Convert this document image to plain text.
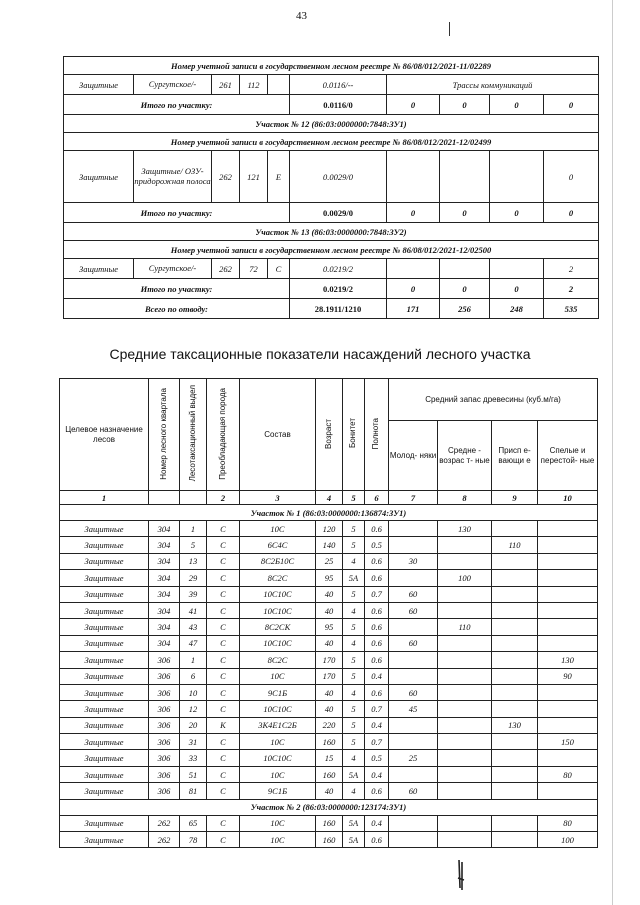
43
Номер учетной записи в государственном лесном реестре № 86/08/012/2021-11/02289									
Защитные	Сургутское/-	261	112		0.0116/--	Трассы коммуникаций			
Итого по участку:					0.0116/0	0	0	0	0
Участок № 12 (86:03:0000000:7848:ЗУ1)									
Номер учетной записи в государственном лесном реестре № 86/08/012/2021-12/02499									
Защитные	Защитные/ ОЗУ- придорожная полоса	262	121	Е	0.0029/0				0
Итого по участку:					0.0029/0	0	0	0	0
Участок № 13 (86:03:0000000:7848:ЗУ2)									
Номер учетной записи в государственном лесном реестре № 86/08/012/2021-12/02500									
Защитные	Сургутское/-	262	72	С	0.0219/2				2
Итого по участку:					0.0219/2	0	0	0	2
Всего по отводу:					28.1911/1210	171	256	248	535
Средние таксационные показатели насаждений лесного участка
Целевое назначение лесов	Номер лесного квартала	Лесотаксационный выдел	Преобладающая порода	Состав	Возраст	Бонитет	Полнота	Средний запас древесины (куб.м/га)			
								Молод- няки	Средне - возрас т- ные	Присп е- вающи е	Спелые и перестой- ные
1			2	3	4	5	6	7	8	9	10
Участок № 1 (86:03:0000000:136874:ЗУ1)											
Защитные	304	1	С	10С	120	5	0.6		130		
Защитные	304	5	С	6С4С	140	5	0.5			110	
Защитные	304	13	С	8С2Б10С	25	4	0.6	30			
Защитные	304	29	С	8С2С	95	5А	0.6		100		
Защитные	304	39	С	10С10С	40	5	0.7	60			
Защитные	304	41	С	10С10С	40	4	0.6	60			
Защитные	304	43	С	8С2СК	95	5	0.6		110		
Защитные	304	47	С	10С10С	40	4	0.6	60			
Защитные	306	1	С	8С2С	170	5	0.6				130
Защитные	306	6	С	10С	170	5	0.4				90
Защитные	306	10	С	9С1Б	40	4	0.6	60			
Защитные	306	12	С	10С10С	40	5	0.7	45			
Защитные	306	20	К	3К4Е1С2Б	220	5	0.4			130	
Защитные	306	31	С	10С	160	5	0.7				150
Защитные	306	33	С	10С10С	15	4	0.5	25			
Защитные	306	51	С	10С	160	5А	0.4				80
Защитные	306	81	С	9С1Б	40	4	0.6	60			
Участок № 2 (86:03:0000000:123174:ЗУ1)											
Защитные	262	65	С	10С	160	5А	0.4				80
Защитные	262	78	С	10С	160	5А	0.6				100
